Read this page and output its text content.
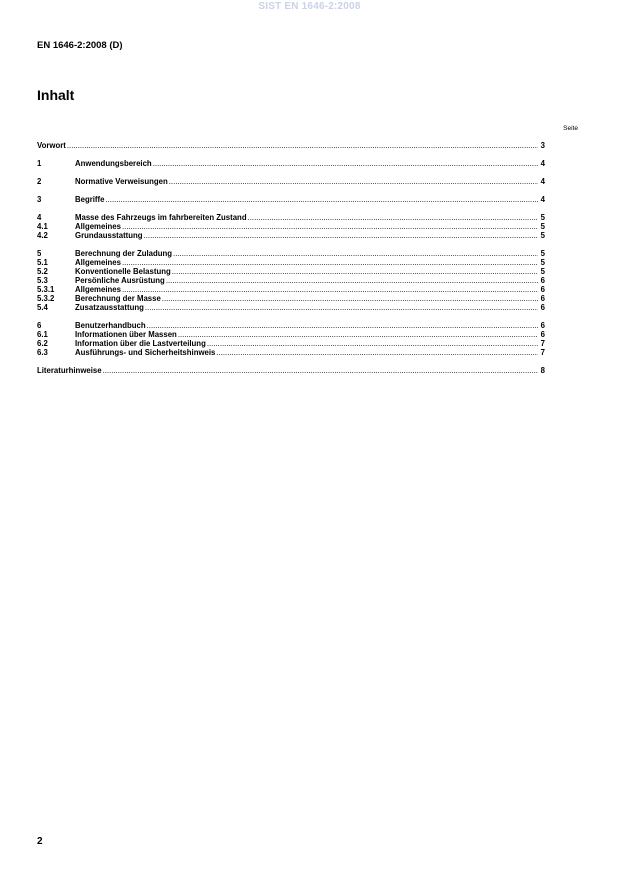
SIST EN 1646-2:2008
EN 1646-2:2008 (D)
Inhalt
Seite
Vorwort .....	3
1	Anwendungsbereich .....	4
2	Normative Verweisungen .....	4
3	Begriffe .....	4
4	Masse des Fahrzeugs im fahrbereiten Zustand .....	5
4.1	Allgemeines .....	5
4.2	Grundausstattung .....	5
5	Berechnung der Zuladung .....	5
5.1	Allgemeines .....	5
5.2	Konventionelle Belastung .....	5
5.3	Persönliche Ausrüstung .....	6
5.3.1	Allgemeines .....	6
5.3.2	Berechnung der Masse .....	6
5.4	Zusatzausstattung .....	6
6	Benutzerhandbuch .....	6
6.1	Informationen über Massen .....	6
6.2	Information über die Lastverteilung .....	7
6.3	Ausführungs- und Sicherheitshinweis .....	7
Literaturhinweise .....	8
2
